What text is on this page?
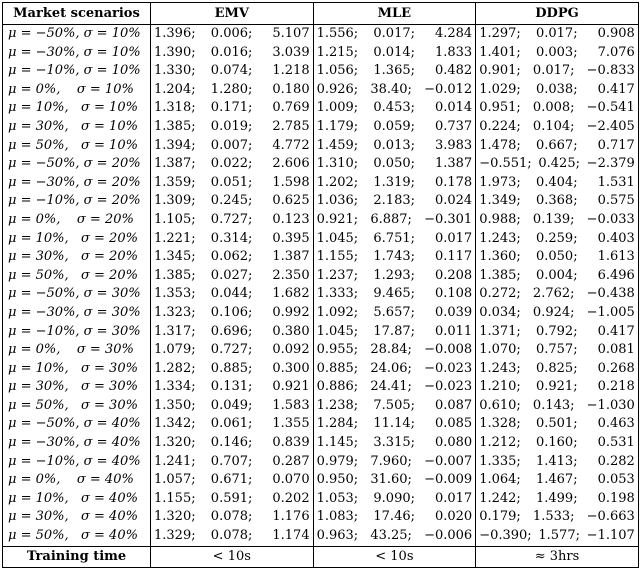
Market scenarios	EMV	MLE	DDPG
μ = −50%, σ = 10%	1.396; 0.006; 5.107	1.556; 0.017; 4.284	1.297; 0.017; 0.908

μ = −30%, σ = 10%	1.390; 0.016; 3.039	1.215; 0.014; 1.833	1.401; 0.003; 7.076

μ = −10%, σ = 10%	1.330; 0.074; 1.218	1.056; 1.365; 0.482	0.901; 0.017; −0.833

μ = 0%,    σ = 10%	1.204; 1.280; 0.180	0.926; 38.40; −0.012	1.029; 0.038; 0.417

μ = 10%,   σ = 10%	1.318; 0.171; 0.769	1.009; 0.453; 0.014	0.951; 0.008; −0.541

μ = 30%,   σ = 10%	1.385; 0.019; 2.785	1.179; 0.059; 0.737	0.224; 0.104; −2.405

μ = 50%,   σ = 10%	1.394; 0.007; 4.772	1.459; 0.013; 3.983	1.478; 0.667; 0.717

μ = −50%, σ = 20%	1.387; 0.022; 2.606	1.310; 0.050; 1.387	−0.551; 0.425; −2.379

μ = −30%, σ = 20%	1.359; 0.051; 1.598	1.202; 1.319; 0.178	1.973; 0.404; 1.531

μ = −10%, σ = 20%	1.309; 0.245; 0.625	1.036; 2.183; 0.024	1.349; 0.368; 0.575

μ = 0%,    σ = 20%	1.105; 0.727; 0.123	0.921; 6.887; −0.301	0.988; 0.139; −0.033

μ = 10%,   σ = 20%	1.221; 0.314; 0.395	1.045; 6.751; 0.017	1.243; 0.259; 0.403

μ = 30%,   σ = 20%	1.345; 0.062; 1.387	1.155; 1.743; 0.117	1.360; 0.050; 1.613

μ = 50%,   σ = 20%	1.385; 0.027; 2.350	1.237; 1.293; 0.208	1.385; 0.004; 6.496

μ = −50%, σ = 30%	1.353; 0.044; 1.682	1.333; 9.465; 0.108	0.272; 2.762; −0.438

μ = −30%, σ = 30%	1.323; 0.106; 0.992	1.092; 5.657; 0.039	0.034; 0.924; −1.005

μ = −10%, σ = 30%	1.317; 0.696; 0.380	1.045; 17.87; 0.011	1.371; 0.792; 0.417

μ = 0%,    σ = 30%	1.079; 0.727; 0.092	0.955; 28.84; −0.008	1.070; 0.757; 0.081

μ = 10%,   σ = 30%	1.282; 0.885; 0.300	0.885; 24.06; −0.023	1.243; 0.825; 0.268

μ = 30%,   σ = 30%	1.334; 0.131; 0.921	0.886; 24.41; −0.023	1.210; 0.921; 0.218

μ = 50%,   σ = 30%	1.350; 0.049; 1.583	1.238; 7.505; 0.087	0.610; 0.143; −1.030

μ = −50%, σ = 40%	1.342; 0.061; 1.355	1.284; 11.14; 0.085	1.328; 0.501; 0.463

μ = −30%, σ = 40%	1.320; 0.146; 0.839	1.145; 3.315; 0.080	1.212; 0.160; 0.531

μ = −10%, σ = 40%	1.241; 0.707; 0.287	0.979; 7.960; −0.007	1.335; 1.413; 0.282

μ = 0%,    σ = 40%	1.057; 0.671; 0.070	0.950; 31.60; −0.009	1.064; 1.467; 0.053

μ = 10%,   σ = 40%	1.155; 0.591; 0.202	1.053; 9.090; 0.017	1.242; 1.499; 0.198

μ = 30%,   σ = 40%	1.320; 0.078; 1.176	1.083; 17.46; 0.020	0.179; 1.533; −0.663

μ = 50%,   σ = 40%	1.329; 0.078; 1.174	0.963; 43.25; −0.006	−0.390; 1.577; −1.107

Training time	< 10s	< 10s	≈ 3hrs
